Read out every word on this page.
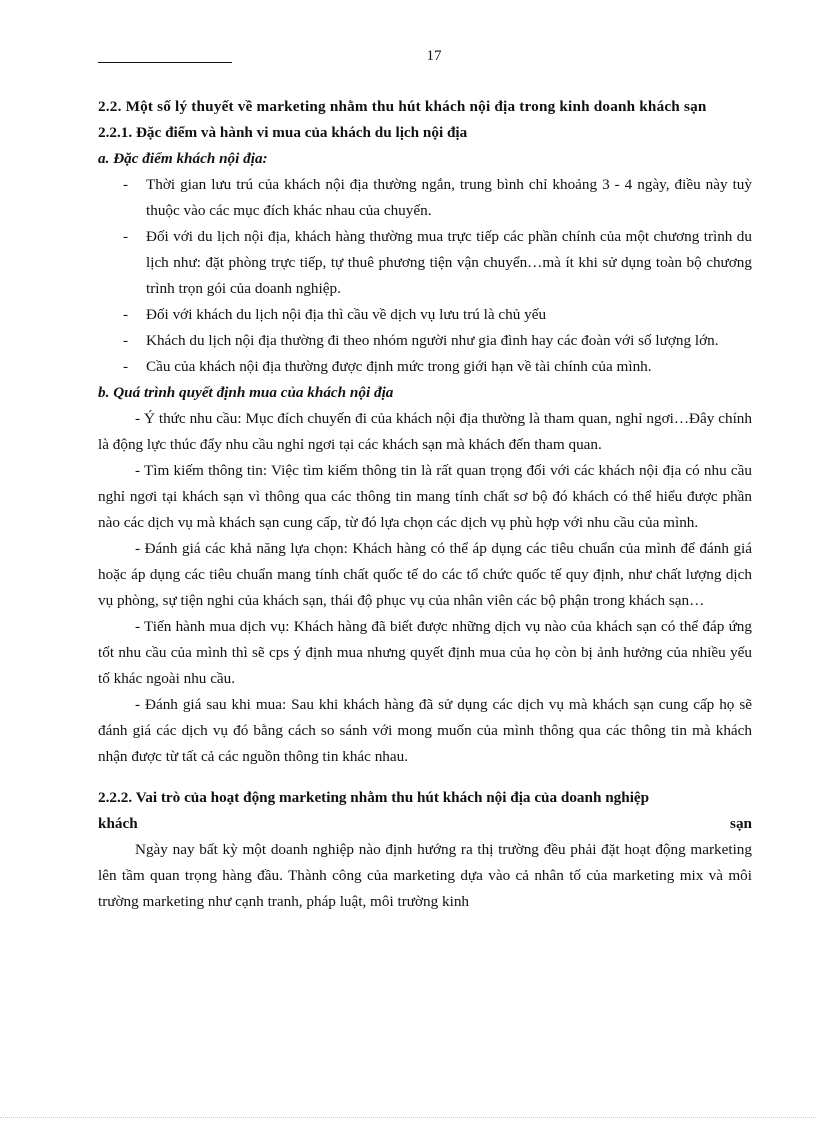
17
2.2. Một số lý thuyết về marketing nhằm thu hút khách nội địa trong kinh doanh khách sạn
2.2.1. Đặc điểm và hành vi mua của khách du lịch nội địa
a. Đặc điểm khách nội địa:
- Thời gian lưu trú của khách nội địa thường ngắn, trung bình chỉ khoảng 3 - 4 ngày, điều này tuỳ thuộc vào các mục đích khác nhau của chuyến.
- Đối với du lịch nội địa, khách hàng thường mua trực tiếp các phần chính của một chương trình du lịch như: đặt phòng trực tiếp, tự thuê phương tiện vận chuyển…mà ít khi sử dụng toàn bộ chương trình trọn gói của doanh nghiệp.
- Đối với khách du lịch nội địa thì cầu về dịch vụ lưu trú là chủ yếu
- Khách du lịch nội địa thường đi theo nhóm người như gia đình hay các đoàn với số lượng lớn.
- Cầu của khách nội địa thường được định mức trong giới hạn về tài chính của mình.
b. Quá trình quyết định mua của khách nội địa

- Ý thức nhu cầu: Mục đích chuyến đi của khách nội địa thường là tham quan, nghỉ ngơi…Đây chính là động lực thúc đẩy nhu cầu nghỉ ngơi tại các khách sạn mà khách đến tham quan.

- Tìm kiếm thông tin: Việc tìm kiếm thông tin là rất quan trọng đối với các khách nội địa có nhu cầu nghỉ ngơi tại khách sạn vì thông qua các thông tin mang tính chất sơ bộ đó khách có thể hiểu được phần nào các dịch vụ mà khách sạn cung cấp, từ đó lựa chọn các dịch vụ phù hợp với nhu cầu của mình.

- Đánh giá các khả năng lựa chọn: Khách hàng có thể áp dụng các tiêu chuẩn của mình để đánh giá hoặc áp dụng các tiêu chuẩn mang tính chất quốc tế do các tổ chức quốc tế quy định, như chất lượng dịch vụ phòng, sự tiện nghi của khách sạn, thái độ phục vụ của nhân viên các bộ phận trong khách sạn…

- Tiến hành mua dịch vụ: Khách hàng đã biết được những dịch vụ nào của khách sạn có thể đáp ứng tốt nhu cầu của mình thì sẽ cps ý định mua nhưng quyết định mua của họ còn bị ảnh hưởng của nhiều yếu tố khác ngoài nhu cầu.

- Đánh giá sau khi mua: Sau khi khách hàng đã sử dụng các dịch vụ mà khách sạn cung cấp họ sẽ đánh giá các dịch vụ đó bằng cách so sánh với mong muốn của mình thông qua các thông tin mà khách nhận được từ tất cả các nguồn thông tin khác nhau.

2.2.2. Vai trò của hoạt động marketing nhằm thu hút khách nội địa của doanh nghiệp
khách	sạn

Ngày nay bất kỳ một doanh nghiệp nào định hướng ra thị trường đều phải đặt hoạt động marketing lên tầm quan trọng hàng đầu. Thành công của marketing dựa vào cả nhân tố của marketing mix và môi trường marketing như cạnh tranh, pháp luật, môi trường kinh
